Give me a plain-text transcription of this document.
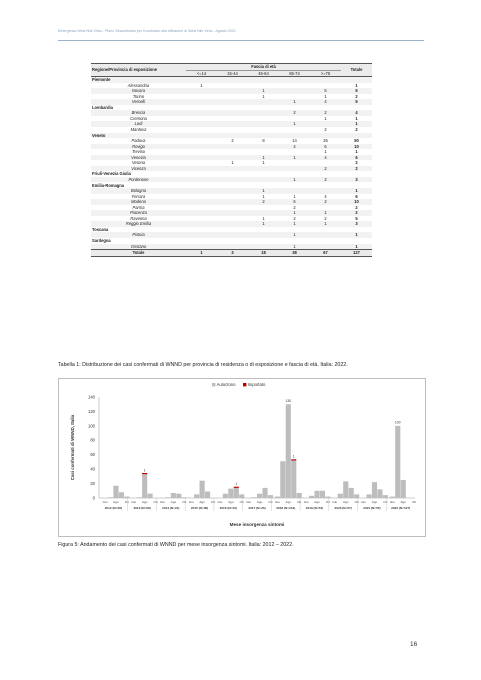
Emergenza West Nile Virus - Piano Straordinario per il contrasto alla diffusione di West Nile Virus - Agosto 2022
Regione/Provincia di esposizione	Fascia di età					Totale
	<=14	15-44	45-64	65-74	>=75	
Piemonte						
Alessandria	1					1
Novara			1		5	6
Torino			1		1	2
Vercelli				1	4	5
Lombardia						
Brescia				2	2	4
Cremona					1	1
Lodi				1		1
Mantova					2	2
Veneto						
Padova		2	8	14	26	50
Rovigo				4	6	10
Treviso					1	1
Venezia			1	1	4	6
Verona		1	1			2
Vicenza					2	2
Friuli-Venezia Giulia						
Pordenone				1	2	3
Emilia-Romagna						
Bologna			1			1
Ferrara			1	1	4	6
Modena			2	6	2	10
Parma				2		2
Piacenza				1	1	2
Ravenna			1	2	2	5
Reggio Emilia			1	1	1	3
Toscana						
Pistoia				1		1
Sardegna						
Oristano				1		1
Totale	1	3	18	38	67	127
Tabella 1: Distribuzione dei casi confermati di WNND per provincia di residenza o di esposizione e fascia di età. Italia: 2022.
0
20
40
60
80
100
120
140
Casi confermati di WNND, Italia
Autoctono	Importato
Giu Ago Ott
2012 (N=28)
Giu Ago Ott
2013 (N=69)
Giu Ago Ott
2014 (N=21)
Giu Ago Ott
2015 (N=38)
Giu Ago Ott
2016 (N=43)
Giu Ago Ott
2017 (N=26)
Giu Ago Ott
2018 (N=244)
Giu Ago Ott
2019 (N=53)
Giu Ago Ott
2020 (N=67)
Giu Ago Ott
2021 (N=55)
Giu Ago Ott
2022 (N=127)
1
1
130
1
100
Mese insorgenza sintomi
Figura 5: Andamento dei casi confermati di WNND per mese insorgenza sintomi. Italia: 2012 – 2022.
16
